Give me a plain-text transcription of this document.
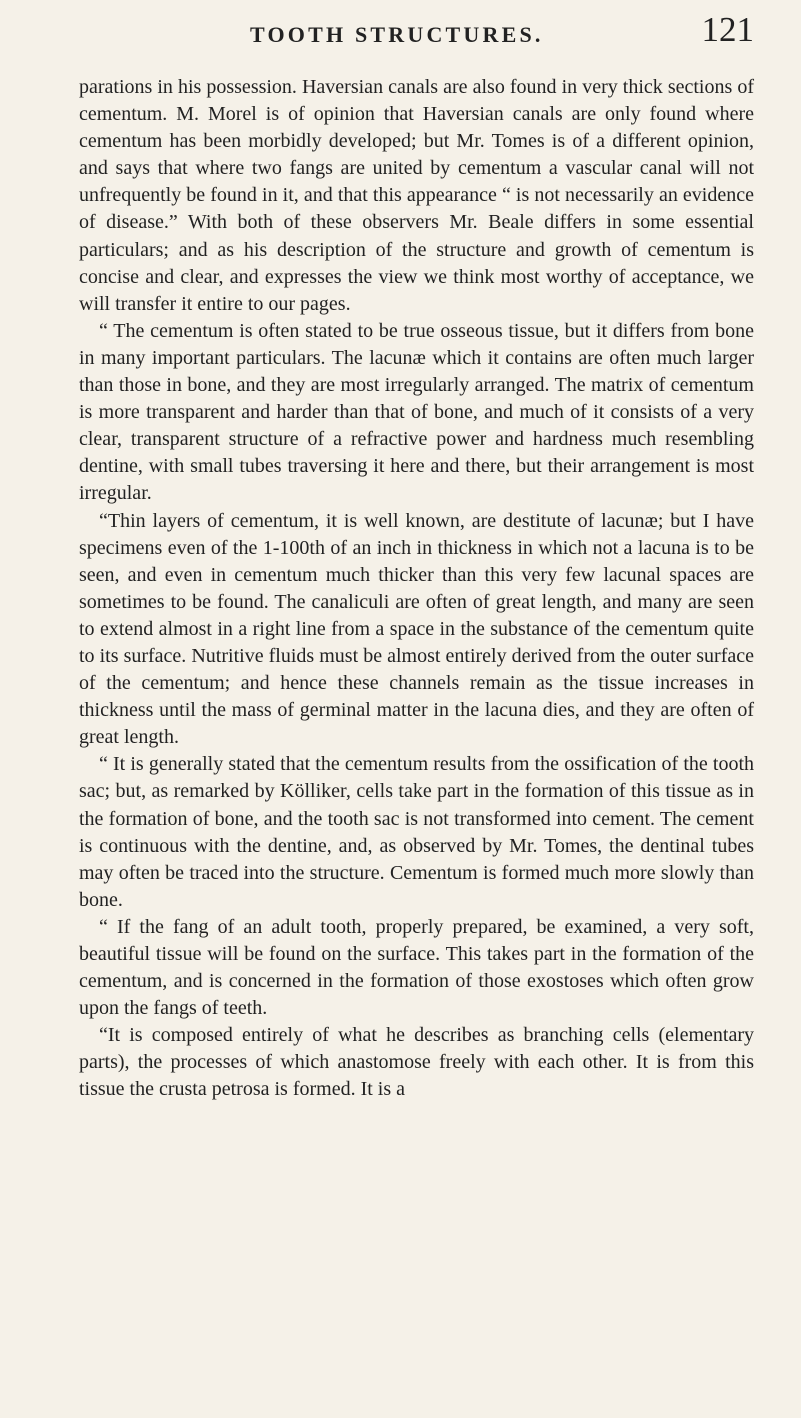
TOOTH STRUCTURES.	121

parations in his possession. Haversian canals are also found in very thick sections of cementum. M. Morel is of opinion that Haversian canals are only found where cementum has been morbidly developed; but Mr. Tomes is of a different opinion, and says that where two fangs are united by cementum a vascular canal will not unfrequently be found in it, and that this appearance “ is not necessarily an evidence of disease.” With both of these observers Mr. Beale differs in some essential particulars; and as his description of the structure and growth of cementum is concise and clear, and expresses the view we think most worthy of acceptance, we will transfer it entire to our pages.

“ The cementum is often stated to be true osseous tissue, but it differs from bone in many important particulars. The lacunæ which it contains are often much larger than those in bone, and they are most irregularly arranged. The matrix of cementum is more transparent and harder than that of bone, and much of it consists of a very clear, transparent structure of a refractive power and hardness much resembling dentine, with small tubes traversing it here and there, but their arrangement is most irregular.

“Thin layers of cementum, it is well known, are destitute of lacunæ; but I have specimens even of the 1-100th of an inch in thickness in which not a lacuna is to be seen, and even in cementum much thicker than this very few lacunal spaces are sometimes to be found. The canaliculi are often of great length, and many are seen to extend almost in a right line from a space in the substance of the cementum quite to its surface. Nutritive fluids must be almost entirely derived from the outer surface of the cementum; and hence these channels remain as the tissue increases in thickness until the mass of germinal matter in the lacuna dies, and they are often of great length.

“ It is generally stated that the cementum results from the ossification of the tooth sac; but, as remarked by Kölliker, cells take part in the formation of this tissue as in the formation of bone, and the tooth sac is not transformed into cement. The cement is continuous with the dentine, and, as observed by Mr. Tomes, the dentinal tubes may often be traced into the structure. Cementum is formed much more slowly than bone.

“ If the fang of an adult tooth, properly prepared, be examined, a very soft, beautiful tissue will be found on the surface. This takes part in the formation of the cementum, and is concerned in the formation of those exostoses which often grow upon the fangs of teeth.

“It is composed entirely of what he describes as branching cells (elementary parts), the processes of which anastomose freely with each other. It is from this tissue the crusta petrosa is formed. It is a
